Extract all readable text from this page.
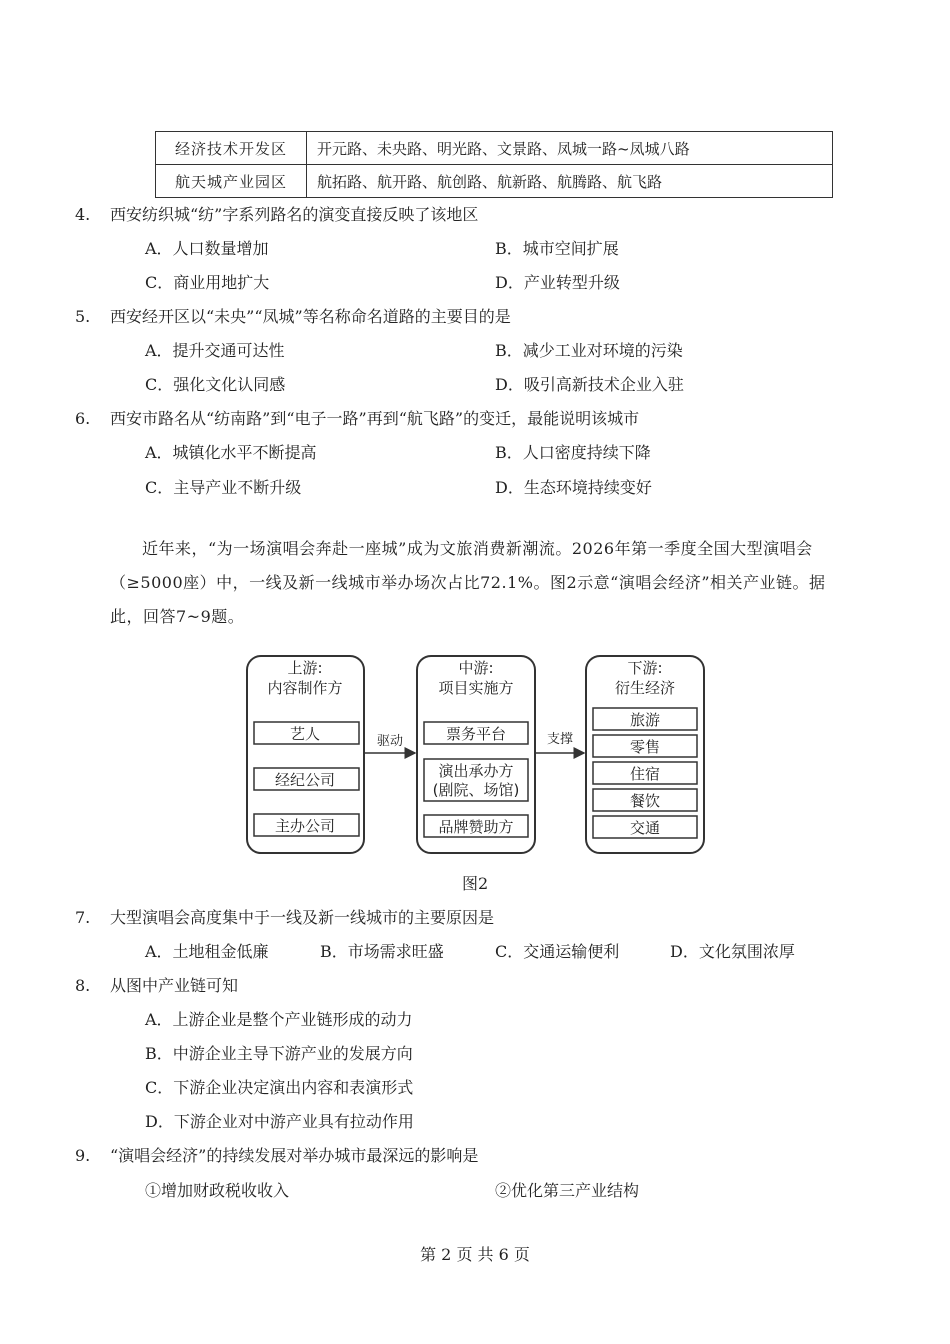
经济技术开发区	开元路、未央路、明光路、文景路、凤城一路~凤城八路
航天城产业园区	航拓路、航开路、航创路、航新路、航腾路、航飞路
4. 西安纺织城“纺”字系列路名的演变直接反映了该地区
A．人口数量增加	B．城市空间扩展
C．商业用地扩大	D．产业转型升级
5. 西安经开区以“未央”“凤城”等名称命名道路的主要目的是
A．提升交通可达性	B．减少工业对环境的污染
C．强化文化认同感	D．吸引高新技术企业入驻
6. 西安市路名从“纺南路”到“电子一路”再到“航飞路”的变迁，最能说明该城市
A．城镇化水平不断提高	B．人口密度持续下降
C．主导产业不断升级	D．生态环境持续变好
近年来，“为一场演唱会奔赴一座城”成为文旅消费新潮流。2026年第一季度全国大型演唱会（≥5000座）中，一线及新一线城市举办场次占比72.1%。图2示意“演唱会经济”相关产业链。据此，回答7~9题。
上游:
内容制作方
艺人
经纪公司
主办公司
中游:
项目实施方
票务平台
演出承办方
(剧院、场馆)
品牌赞助方
下游:
衍生经济
旅游
零售
住宿
餐饮
交通
驱动	支撑
图2
7. 大型演唱会高度集中于一线及新一线城市的主要原因是
A．土地租金低廉	B．市场需求旺盛	C．交通运输便利	D．文化氛围浓厚
8. 从图中产业链可知
A．上游企业是整个产业链形成的动力
B．中游企业主导下游产业的发展方向
C．下游企业决定演出内容和表演形式
D．下游企业对中游产业具有拉动作用
9. “演唱会经济”的持续发展对举办城市最深远的影响是
①增加财政税收收入	②优化第三产业结构
第 2 页 共 6 页
